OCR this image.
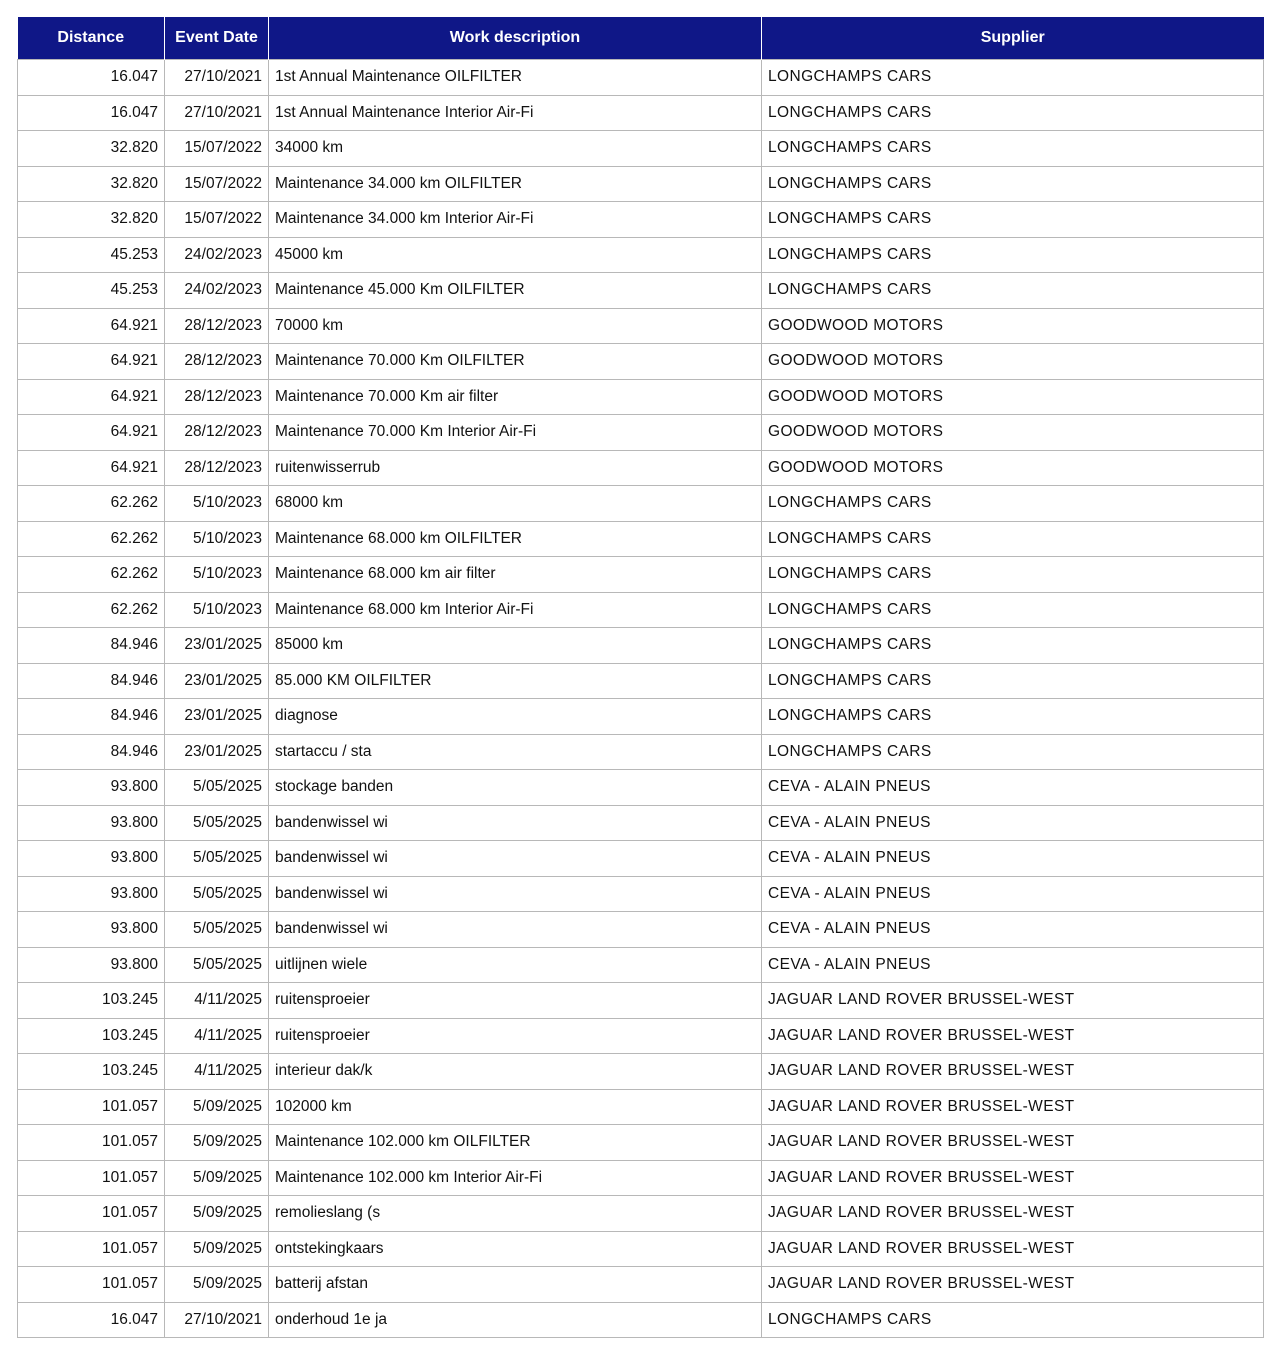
Distance	Event Date	Work description	Supplier
16.047	27/10/2021	1st Annual Maintenance OILFILTER	LONGCHAMPS CARS
16.047	27/10/2021	1st Annual Maintenance Interior Air-Fi	LONGCHAMPS CARS
32.820	15/07/2022	34000 km	LONGCHAMPS CARS
32.820	15/07/2022	Maintenance 34.000 km OILFILTER	LONGCHAMPS CARS
32.820	15/07/2022	Maintenance 34.000 km Interior Air-Fi	LONGCHAMPS CARS
45.253	24/02/2023	45000 km	LONGCHAMPS CARS
45.253	24/02/2023	Maintenance 45.000 Km OILFILTER	LONGCHAMPS CARS
64.921	28/12/2023	70000 km	GOODWOOD MOTORS
64.921	28/12/2023	Maintenance 70.000 Km OILFILTER	GOODWOOD MOTORS
64.921	28/12/2023	Maintenance 70.000 Km air filter	GOODWOOD MOTORS
64.921	28/12/2023	Maintenance 70.000 Km Interior Air-Fi	GOODWOOD MOTORS
64.921	28/12/2023	ruitenwisserrub	GOODWOOD MOTORS
62.262	5/10/2023	68000 km	LONGCHAMPS CARS
62.262	5/10/2023	Maintenance 68.000 km OILFILTER	LONGCHAMPS CARS
62.262	5/10/2023	Maintenance 68.000 km air filter	LONGCHAMPS CARS
62.262	5/10/2023	Maintenance 68.000 km Interior Air-Fi	LONGCHAMPS CARS
84.946	23/01/2025	85000 km	LONGCHAMPS CARS
84.946	23/01/2025	85.000 KM OILFILTER	LONGCHAMPS CARS
84.946	23/01/2025	diagnose	LONGCHAMPS CARS
84.946	23/01/2025	startaccu / sta	LONGCHAMPS CARS
93.800	5/05/2025	stockage banden	CEVA - ALAIN PNEUS
93.800	5/05/2025	bandenwissel wi	CEVA - ALAIN PNEUS
93.800	5/05/2025	bandenwissel wi	CEVA - ALAIN PNEUS
93.800	5/05/2025	bandenwissel wi	CEVA - ALAIN PNEUS
93.800	5/05/2025	bandenwissel wi	CEVA - ALAIN PNEUS
93.800	5/05/2025	uitlijnen wiele	CEVA - ALAIN PNEUS
103.245	4/11/2025	ruitensproeier	JAGUAR LAND ROVER BRUSSEL-WEST
103.245	4/11/2025	ruitensproeier	JAGUAR LAND ROVER BRUSSEL-WEST
103.245	4/11/2025	interieur dak/k	JAGUAR LAND ROVER BRUSSEL-WEST
101.057	5/09/2025	102000 km	JAGUAR LAND ROVER BRUSSEL-WEST
101.057	5/09/2025	Maintenance 102.000 km OILFILTER	JAGUAR LAND ROVER BRUSSEL-WEST
101.057	5/09/2025	Maintenance 102.000 km Interior Air-Fi	JAGUAR LAND ROVER BRUSSEL-WEST
101.057	5/09/2025	remolieslang (s	JAGUAR LAND ROVER BRUSSEL-WEST
101.057	5/09/2025	ontstekingkaars	JAGUAR LAND ROVER BRUSSEL-WEST
101.057	5/09/2025	batterij afstan	JAGUAR LAND ROVER BRUSSEL-WEST
16.047	27/10/2021	onderhoud 1e ja	LONGCHAMPS CARS
